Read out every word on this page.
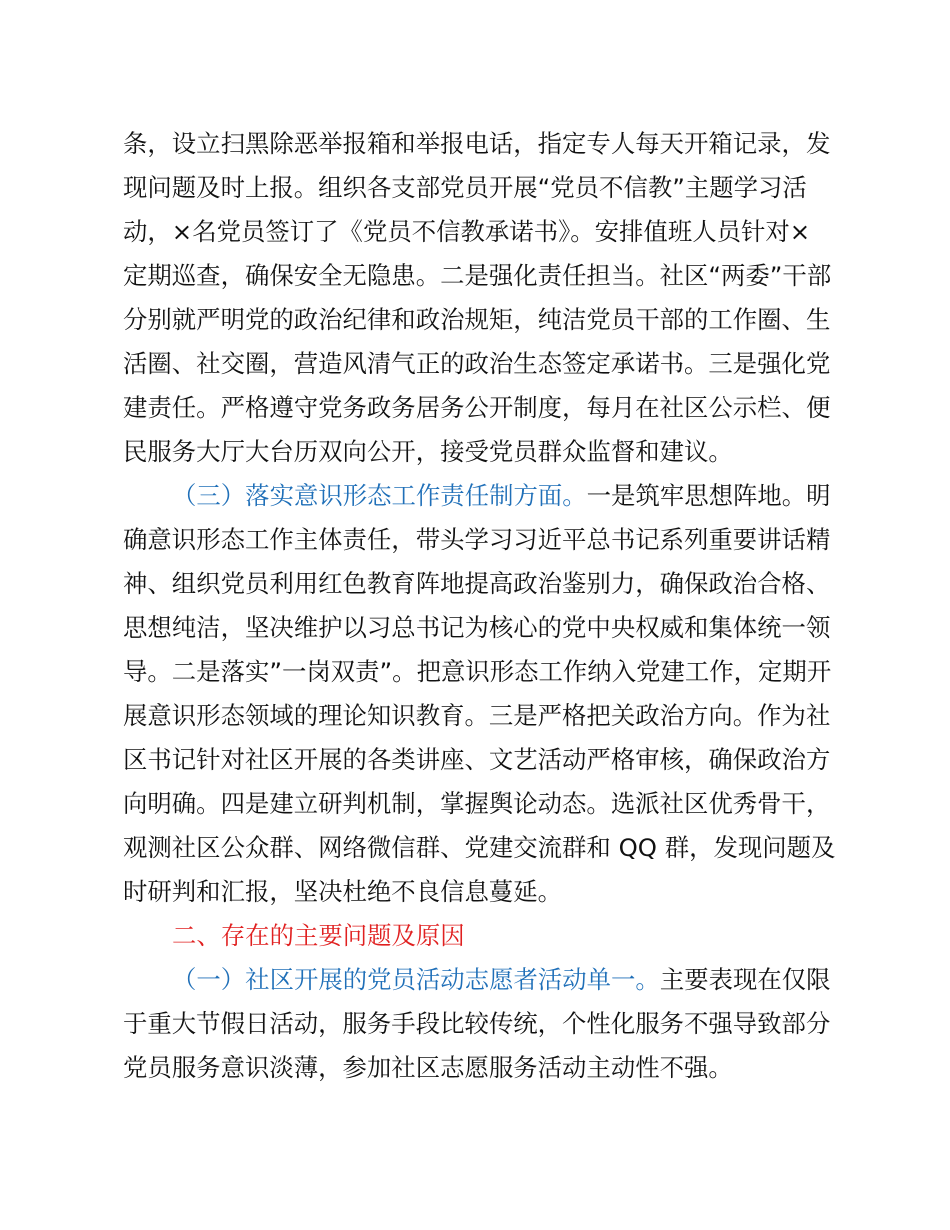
条，设立扫黑除恶举报箱和举报电话，指定专人每天开箱记录，发
现问题及时上报。组织各支部党员开展“党员不信教”主题学习活
动，×名党员签订了《党员不信教承诺书》。安排值班人员针对×
定期巡查，确保安全无隐患。二是强化责任担当。社区“两委”干部
分别就严明党的政治纪律和政治规矩，纯洁党员干部的工作圈、生
活圈、社交圈，营造风清气正的政治生态签定承诺书。三是强化党
建责任。严格遵守党务政务居务公开制度，每月在社区公示栏、便
民服务大厅大台历双向公开，接受党员群众监督和建议。
（三）落实意识形态工作责任制方面。一是筑牢思想阵地。明
确意识形态工作主体责任，带头学习习近平总书记系列重要讲话精
神、组织党员利用红色教育阵地提高政治鉴别力，确保政治合格、
思想纯洁，坚决维护以习总书记为核心的党中央权威和集体统一领
导。二是落实”一岗双责”。把意识形态工作纳入党建工作，定期开
展意识形态领域的理论知识教育。三是严格把关政治方向。作为社
区书记针对社区开展的各类讲座、文艺活动严格审核，确保政治方
向明确。四是建立研判机制，掌握舆论动态。选派社区优秀骨干，
观测社区公众群、网络微信群、党建交流群和 QQ 群，发现问题及
时研判和汇报，坚决杜绝不良信息蔓延。
二、存在的主要问题及原因
（一）社区开展的党员活动志愿者活动单一。主要表现在仅限
于重大节假日活动，服务手段比较传统，个性化服务不强导致部分
党员服务意识淡薄，参加社区志愿服务活动主动性不强。
